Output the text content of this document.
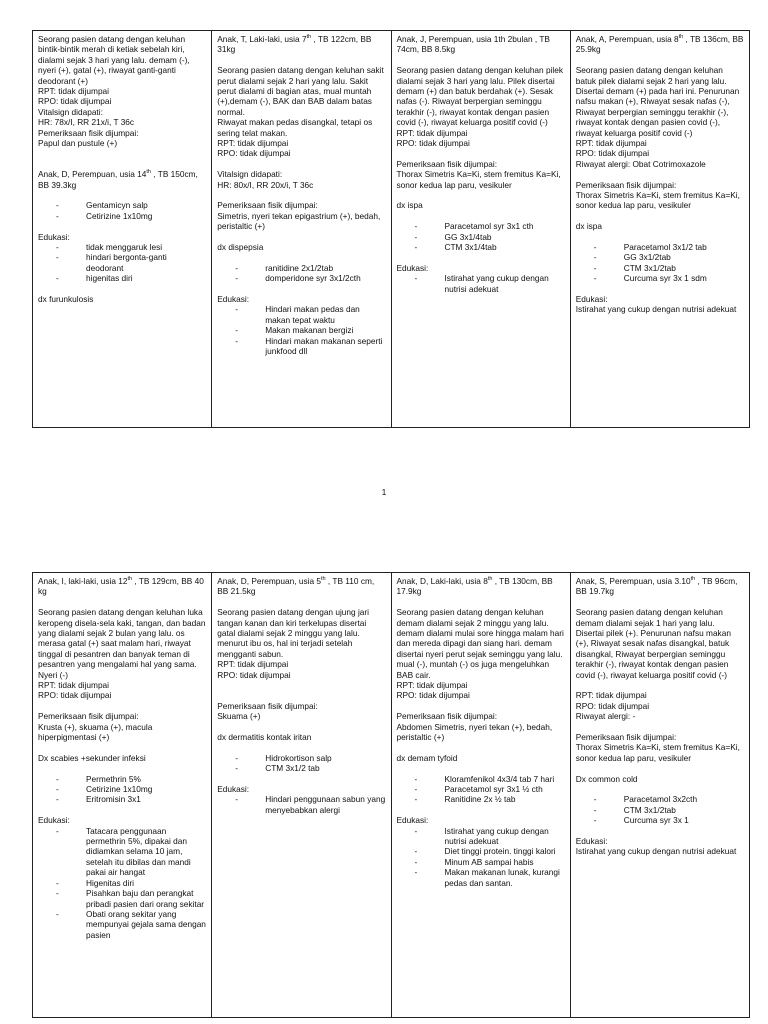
Seorang pasien datang dengan keluhan bintik-bintik merah di ketiak sebelah kiri, dialami sejak 3 hari yang lalu. demam (-), nyeri (+), gatal (+), riwayat ganti-ganti deodorant (+)

RPT: tidak dijumpai

RPO: tidak dijumpai

Vitalsign didapati:

HR: 78x/I, RR 21x/i, T 36c

Pemeriksaan fisik dijumpai:

Papul dan pustule (+)

Anak, D, Perempuan, usia 14th , TB 150cm, BB 39.3kg

- Gentamicyn salp
- Cetirizine 1x10mg

Edukasi:

- tidak menggaruk lesi
- hindari bergonta-ganti deodorant
- higenitas diri

dx furunkulosis

Anak, T, Laki-laki, usia 7th , TB 122cm, BB 31kg

Seorang pasien datang dengan keluhan sakit perut dialami sejak 2 hari yang lalu. Sakit perut dialami di bagian atas, mual muntah (+),demam (-), BAK dan BAB dalam batas normal.

Riwayat makan pedas disangkal, tetapi os sering telat makan.

RPT: tidak dijumpai

RPO: tidak dijumpai

Vitalsign didapati:

HR: 80x/I, RR 20x/i, T 36c

Pemeriksaan fisik dijumpai:

Simetris, nyeri tekan epigastrium (+), bedah, peristaltic (+)

dx dispepsia

- ranitidine 2x1/2tab
- domperidone syr 3x1/2cth

Edukasi:

- Hindari makan pedas dan makan tepat waktu
- Makan makanan bergizi
- Hindari makan makanan seperti junkfood dll

Anak, J, Perempuan, usia 1th 2bulan , TB 74cm, BB 8.5kg

Seorang pasien datang dengan keluhan pilek dialami sejak 3 hari yang lalu. Pilek disertai demam (+) dan batuk berdahak (+). Sesak nafas (-). Riwayat berpergian seminggu terakhir (-), riwayat kontak dengan pasien covid (-), riwayat keluarga positif covid (-)

RPT: tidak dijumpai

RPO: tidak dijumpai

Pemeriksaan fisik dijumpai:

Thorax Simetris Ka=Ki, stem fremitus Ka=Ki, sonor kedua lap paru, vesikuler

dx ispa

- Paracetamol syr 3x1 cth
- GG 3x1/4tab
- CTM 3x1/4tab

Edukasi:

- Istirahat yang cukup dengan nutrisi adekuat

Anak, A, Perempuan, usia 8th , TB 136cm, BB 25.9kg

Seorang pasien datang dengan keluhan batuk pilek dialami sejak 2 hari yang lalu. Disertai demam (+) pada hari ini. Penurunan nafsu makan (+), Riwayat sesak nafas (-), Riwayat berpergian seminggu terakhir (-), riwayat kontak dengan pasien covid (-), riwayat keluarga positif covid (-)

RPT: tidak dijumpai

RPO: tidak dijumpai

Riwayat alergi: Obat Cotrimoxazole

Pemeriksaan fisik dijumpai:

Thorax Simetris Ka=Ki, stem fremitus Ka=Ki, sonor kedua lap paru, vesikuler

dx ispa

- Paracetamol 3x1/2 tab
- GG 3x1/2tab
- CTM 3x1/2tab
- Curcuma syr 3x 1 sdm

Edukasi:

Istirahat yang cukup dengan nutrisi adekuat

1

Anak, I, laki-laki, usia 12th , TB 129cm, BB 40 kg

Seorang pasien datang dengan keluhan luka keropeng disela-sela kaki, tangan, dan badan yang dialami sejak 2 bulan yang lalu. os merasa gatal (+) saat malam hari, riwayat tinggal di pesantren dan banyak teman di pesantren yang mengalami hal yang sama. Nyeri (-)

RPT: tidak dijumpai

RPO: tidak dijumpai

Pemeriksaan fisik dijumpai:

Krusta (+), skuama (+), macula hiperpigmentasi (+)

Dx scabies +sekunder infeksi

- Permethrin 5%
- Cetirizine 1x10mg
- Eritromisin 3x1

Edukasi:

- Tatacara penggunaan permethrin 5%, dipakai dan didiamkan selama 10 jam, setelah itu dibilas dan mandi pakai air hangat
- Higenitas diri
- Pisahkan baju dan perangkat pribadi pasien dari orang sekitar
- Obati orang sekitar yang mempunyai gejala sama dengan pasien

Anak, D, Perempuan, usia 5th , TB 110 cm, BB 21.5kg

Seorang pasien datang dengan ujung jari tangan kanan dan kiri terkelupas disertai gatal dialami sejak 2 minggu yang lalu. menurut ibu os, hal ini terjadi setelah mengganti sabun.

RPT: tidak dijumpai

RPO: tidak dijumpai

Pemeriksaan fisik dijumpai:

Skuama (+)

dx dermatitis kontak iritan

- Hidrokortison salp
- CTM 3x1/2 tab

Edukasi:

- Hindari penggunaan sabun yang menyebabkan alergi

Anak, D, Laki-laki, usia 8th , TB 130cm, BB 17.9kg

Seorang pasien datang dengan keluhan demam dialami sejak 2 minggu yang lalu. demam dialami mulai sore hingga malam hari dan mereda dipagi dan siang hari. demam disertai nyeri perut sejak seminggu yang lalu. mual (-), muntah (-) os juga mengeluhkan BAB cair.

RPT: tidak dijumpai

RPO: tidak dijumpai

Pemeriksaan fisik dijumpai:

Abdomen Simetris, nyeri tekan (+), bedah, peristaltic (+)

dx demam tyfoid

- Kloramfenikol 4x3/4 tab 7 hari
- Paracetamol syr 3x1 ½ cth
- Ranitidine 2x ½ tab

Edukasi:

- Istirahat yang cukup dengan nutrisi adekuat
- Diet tinggi protein. tinggi kalori
- Minum AB sampai habis
- Makan makanan lunak, kurangi pedas dan santan.

Anak, S, Perempuan, usia 3.10th , TB 96cm, BB 19.7kg

Seorang pasien datang dengan keluhan demam dialami sejak 1 hari yang lalu. Disertai pilek (+). Penurunan nafsu makan (+), Riwayat sesak nafas disangkal, batuk disangkal, Riwayat berpergian seminggu terakhir (-), riwayat kontak dengan pasien covid (-), riwayat keluarga positif covid (-)

RPT: tidak dijumpai

RPO: tidak dijumpai

Riwayat alergi: -

Pemeriksaan fisik dijumpai:

Thorax Simetris Ka=Ki, stem fremitus Ka=Ki, sonor kedua lap paru, vesikuler

Dx common cold

- Paracetamol 3x2cth
- CTM 3x1/2tab
- Curcuma syr 3x 1

Edukasi:

Istirahat yang cukup dengan nutrisi adekuat
